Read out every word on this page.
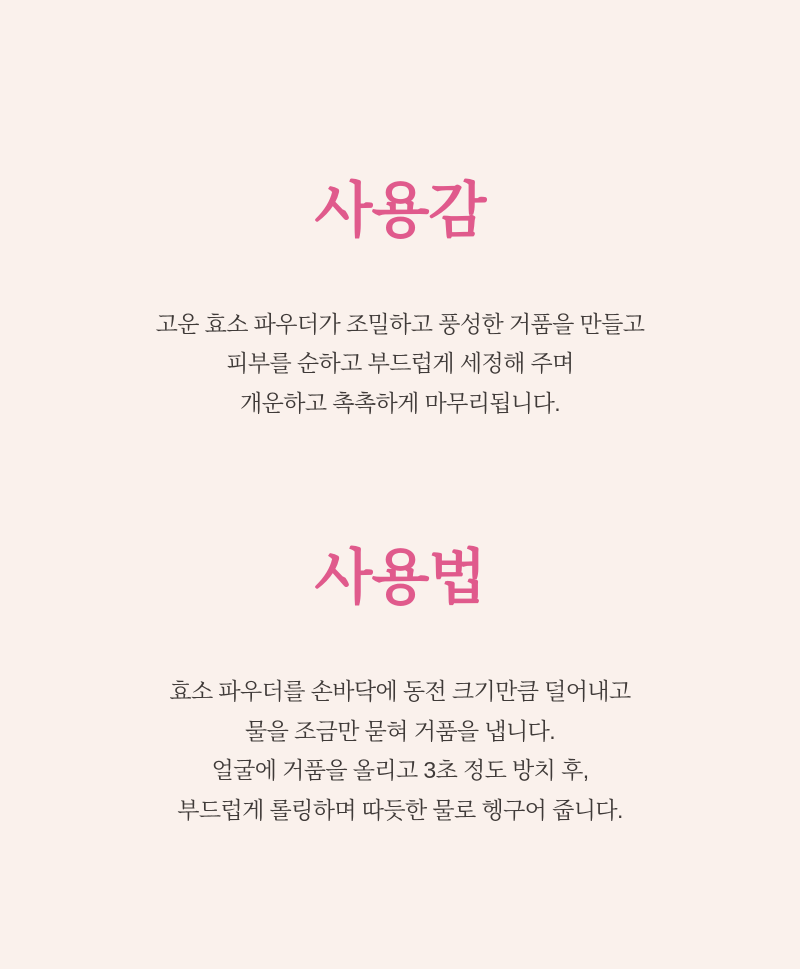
사용감

고운 효소 파우더가 조밀하고 풍성한 거품을 만들고
피부를 순하고 부드럽게 세정해 주며
개운하고 촉촉하게 마무리됩니다.

사용법

효소 파우더를 손바닥에 동전 크기만큼 덜어내고
물을 조금만 묻혀 거품을 냅니다.
얼굴에 거품을 올리고 3초 정도 방치 후,
부드럽게 롤링하며 따듯한 물로 헹구어 줍니다.
